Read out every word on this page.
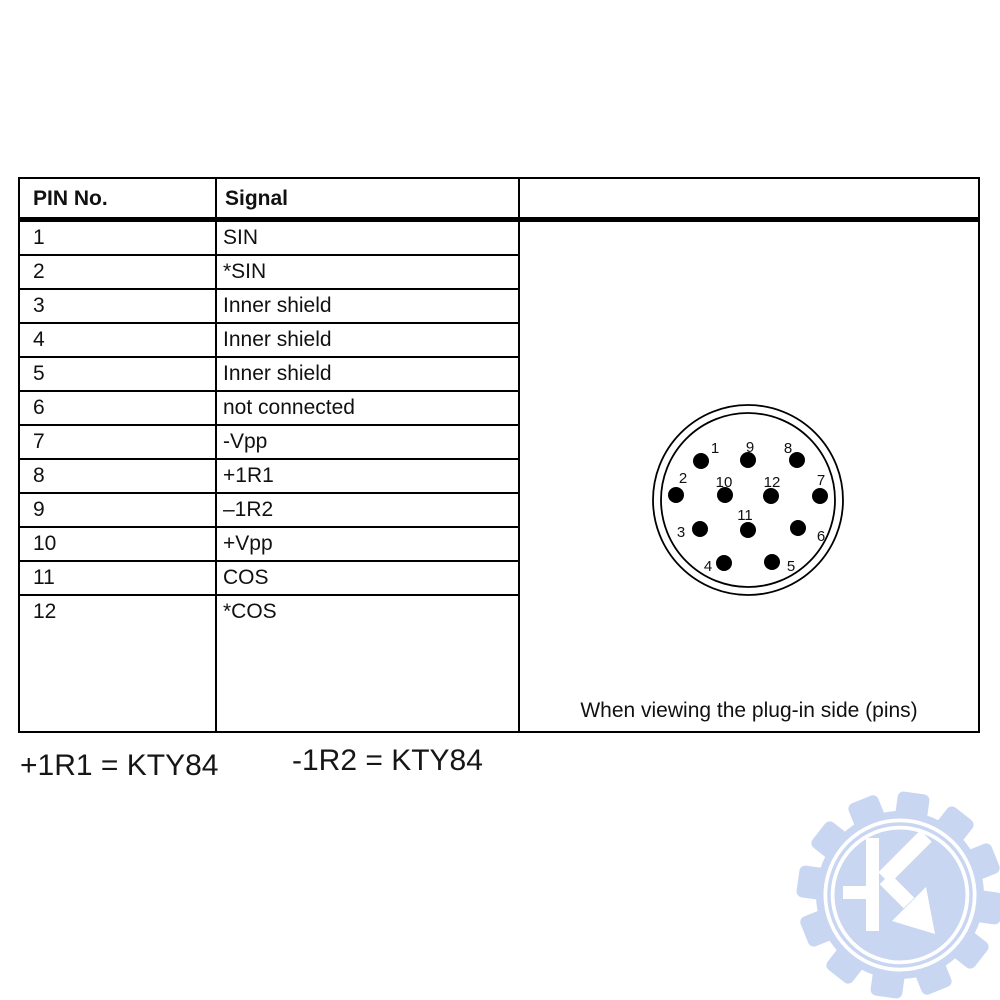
PIN No.	Signal
1	SIN
2	*SIN
3	Inner shield
4	Inner shield
5	Inner shield
6	not connected
7	-Vpp
8	+1R1
9	–1R2
10	+Vpp
11	COS
12	*COS
1 9 8
2 10 12 7
11
3	6
4	5
When viewing the plug-in side (pins)
+1R1 = KTY84 -1R2 = KTY84
